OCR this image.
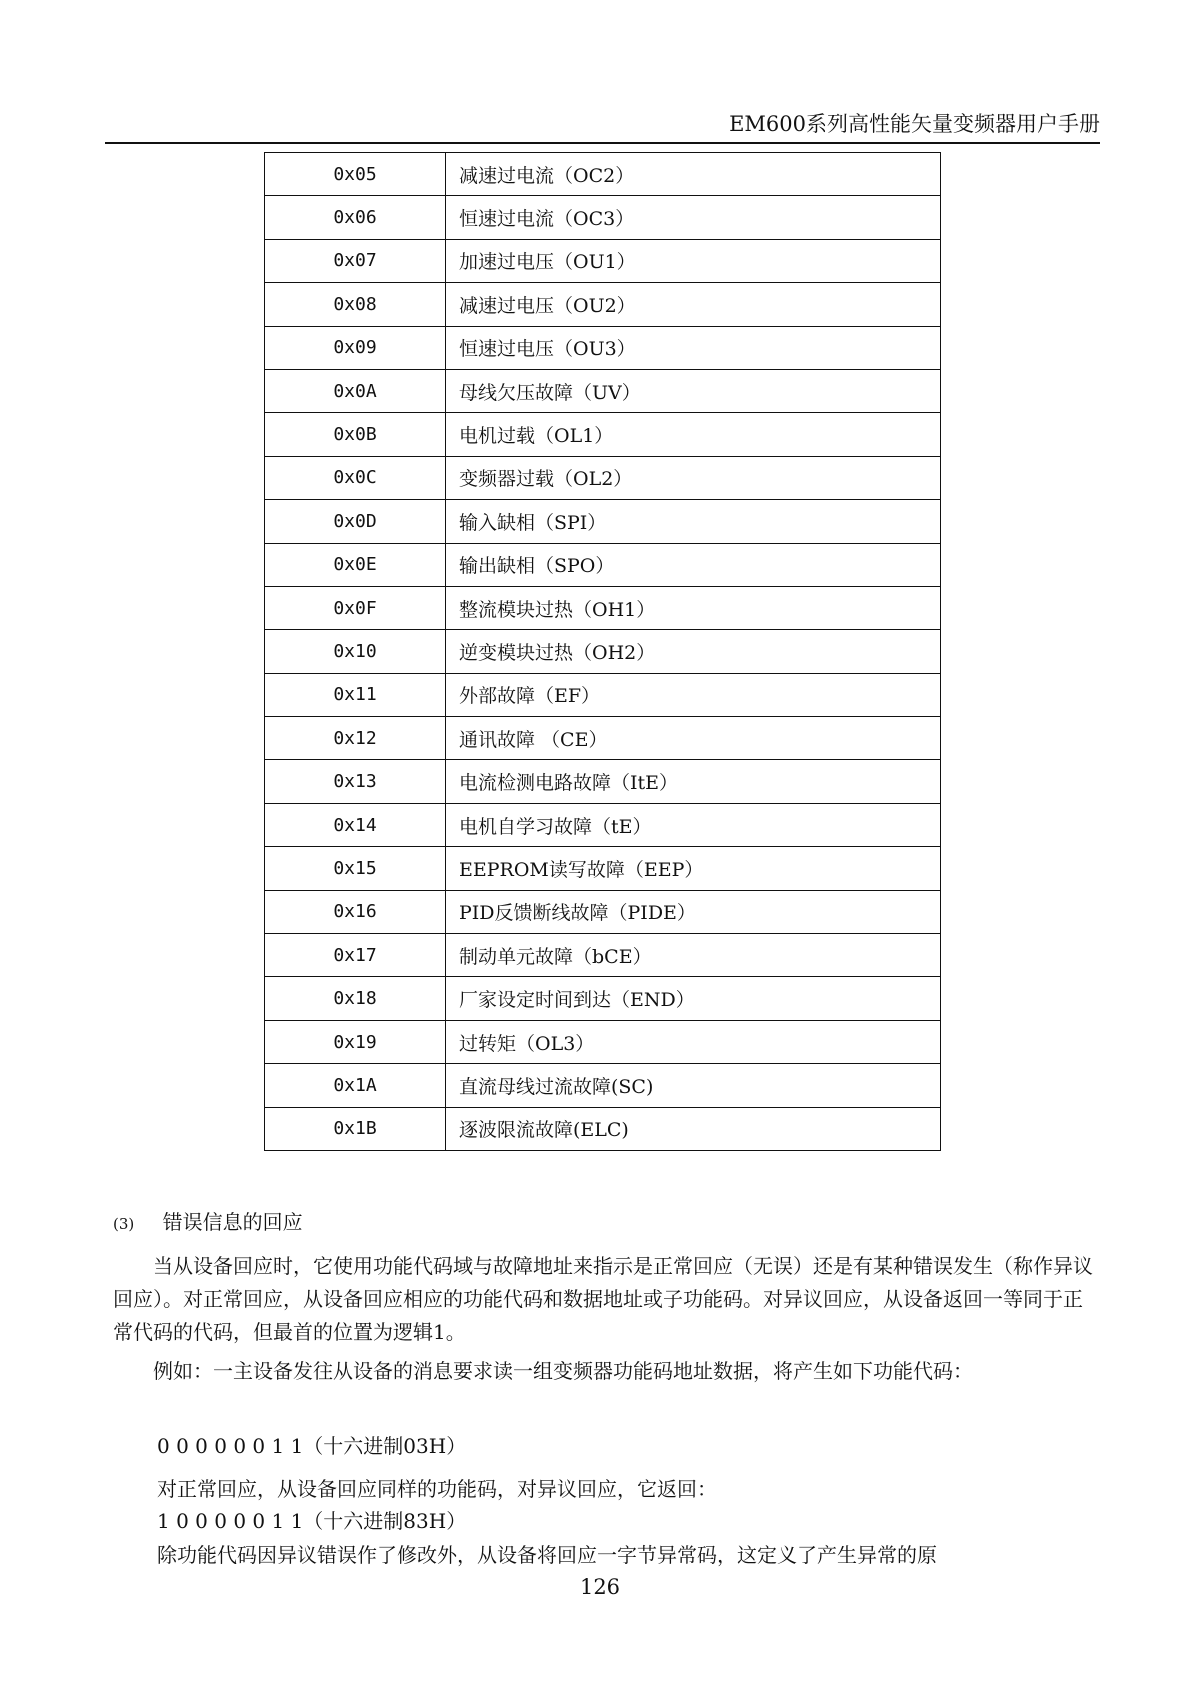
EM600系列高性能矢量变频器用户手册
0x05	减速过电流（OC2）
0x06	恒速过电流（OC3）
0x07	加速过电压（OU1）
0x08	减速过电压（OU2）
0x09	恒速过电压（OU3）
0x0A	母线欠压故障（UV）
0x0B	电机过载（OL1）
0x0C	变频器过载（OL2）
0x0D	输入缺相（SPI）
0x0E	输出缺相（SPO）
0x0F	整流模块过热（OH1）
0x10	逆变模块过热（OH2）
0x11	外部故障（EF）
0x12	通讯故障 （CE）
0x13	电流检测电路故障（ItE）
0x14	电机自学习故障（tE）
0x15	EEPROM读写故障（EEP）
0x16	PID反馈断线故障（PIDE）
0x17	制动单元故障（bCE）
0x18	厂家设定时间到达（END）
0x19	过转矩（OL3）
0x1A	直流母线过流故障(SC)
0x1B	逐波限流故障(ELC)
(3) 错误信息的回应
当从设备回应时，它使用功能代码域与故障地址来指示是正常回应（无误）还是有某种错误发生（称作异议回应）。对正常回应，从设备回应相应的功能代码和数据地址或子功能码。对异议回应，从设备返回一等同于正常代码的代码，但最首的位置为逻辑1。
例如：一主设备发往从设备的消息要求读一组变频器功能码地址数据，将产生如下功能代码：
0 0 0 0 0 0 1 1（十六进制03H）
对正常回应，从设备回应同样的功能码，对异议回应，它返回：
1 0 0 0 0 0 1 1（十六进制83H）
除功能代码因异议错误作了修改外，从设备将回应一字节异常码，这定义了产生异常的原
126
